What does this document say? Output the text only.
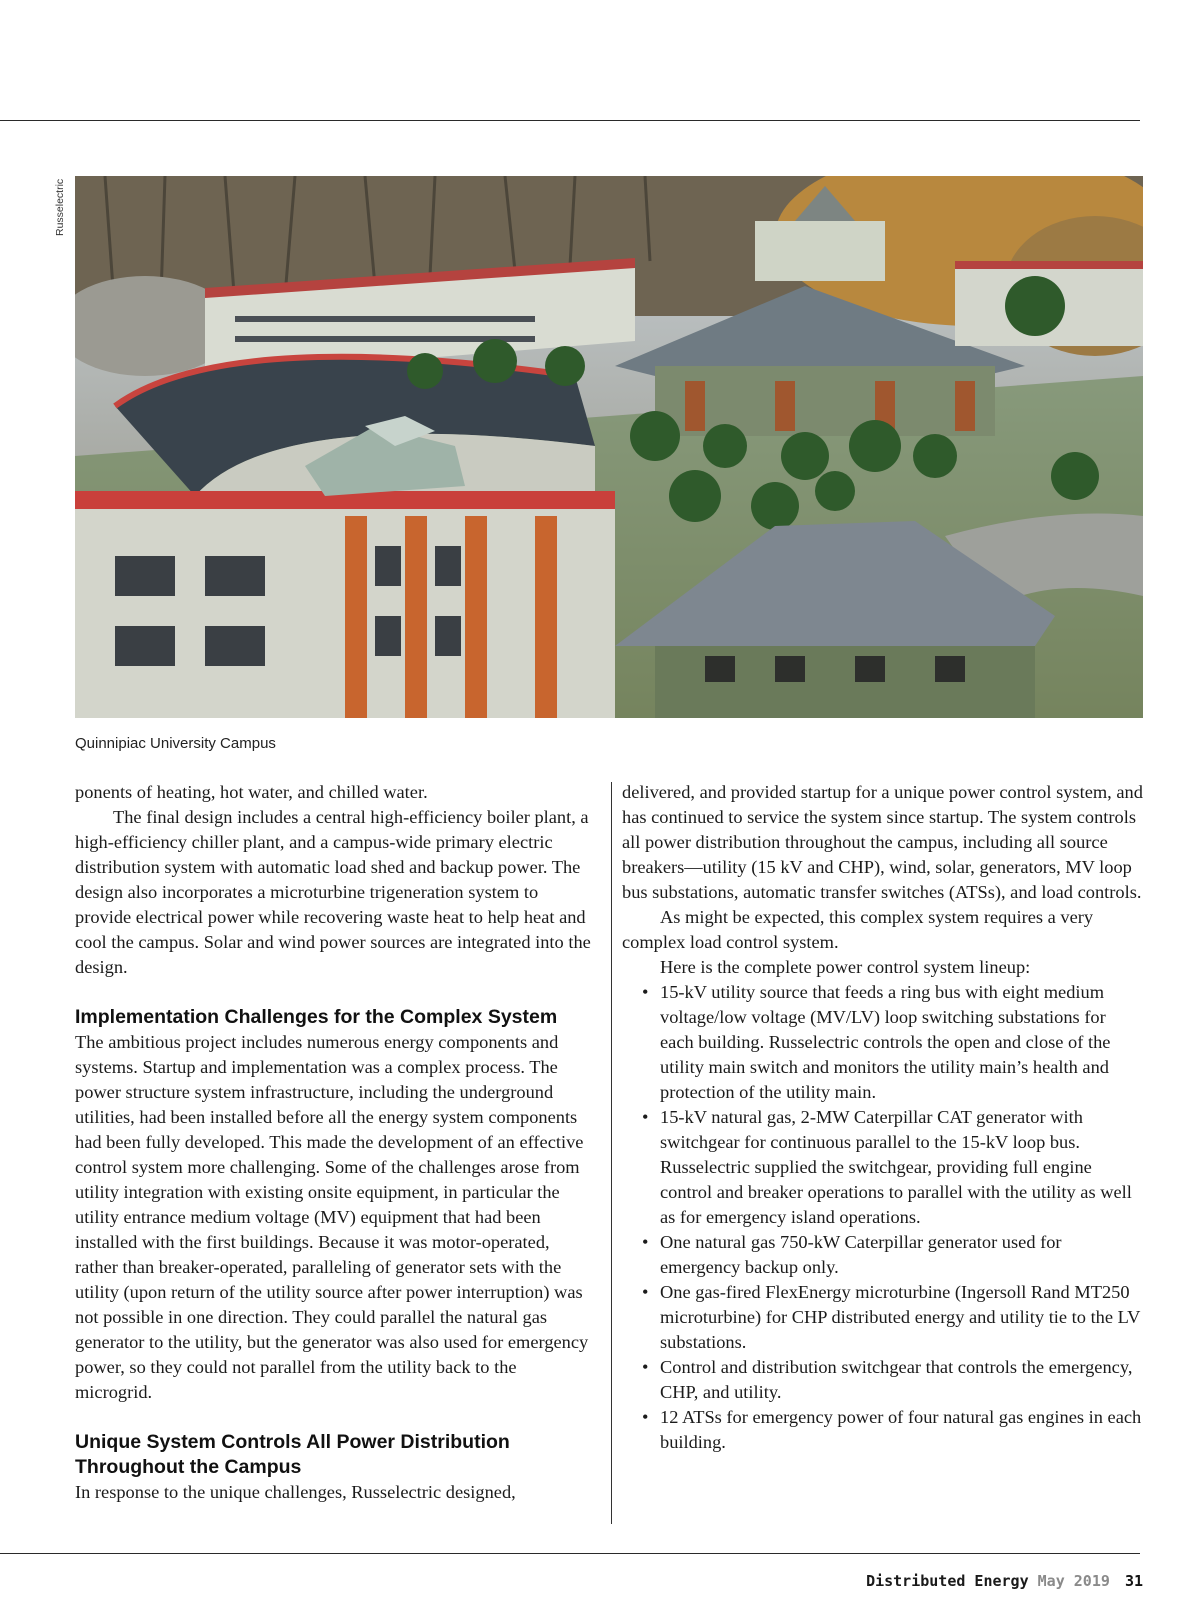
Russelectric
Quinnipiac University Campus

ponents of heating, hot water, and chilled water.

The final design includes a central high-efficiency boiler plant, a high-efficiency chiller plant, and a campus-wide primary electric distribution system with automatic load shed and backup power. The design also incorporates a microturbine trigeneration system to provide electrical power while recovering waste heat to help heat and cool the campus. Solar and wind power sources are integrated into the design.

Implementation Challenges for the Complex System

The ambitious project includes numerous energy components and systems. Startup and implementation was a complex process. The power structure system infrastructure, including the underground utilities, had been installed before all the energy system components had been fully developed. This made the development of an effective control system more challenging. Some of the challenges arose from utility integration with existing onsite equipment, in particular the utility entrance medium voltage (MV) equipment that had been installed with the first buildings. Because it was motor-operated, rather than breaker-operated, paralleling of generator sets with the utility (upon return of the utility source after power interruption) was not possible in one direction. They could parallel the natural gas generator to the utility, but the generator was also used for emergency power, so they could not parallel from the utility back to the microgrid.

Unique System Controls All Power Distribution Throughout the Campus

In response to the unique challenges, Russelectric designed,

delivered, and provided startup for a unique power control system, and has continued to service the system since startup. The system controls all power distribution throughout the campus, including all source breakers—utility (15 kV and CHP), wind, solar, generators, MV loop bus substations, automatic transfer switches (ATSs), and load controls.

As might be expected, this complex system requires a very complex load control system.

Here is the complete power control system lineup:

• 15-kV utility source that feeds a ring bus with eight medium voltage/low voltage (MV/LV) loop switching substations for each building. Russelectric controls the open and close of the utility main switch and monitors the utility main’s health and protection of the utility main.
• 15-kV natural gas, 2-MW Caterpillar CAT generator with switchgear for continuous parallel to the 15-kV loop bus. Russelectric supplied the switchgear, providing full engine control and breaker operations to parallel with the utility as well as for emergency island operations.
• One natural gas 750-kW Caterpillar generator used for emergency backup only.
• One gas-fired FlexEnergy microturbine (Ingersoll Rand MT250 microturbine) for CHP distributed energy and utility tie to the LV substations.
• Control and distribution switchgear that controls the emergency, CHP, and utility.
• 12 ATSs for emergency power of four natural gas engines in each building.
Distributed Energy May 2019 31
